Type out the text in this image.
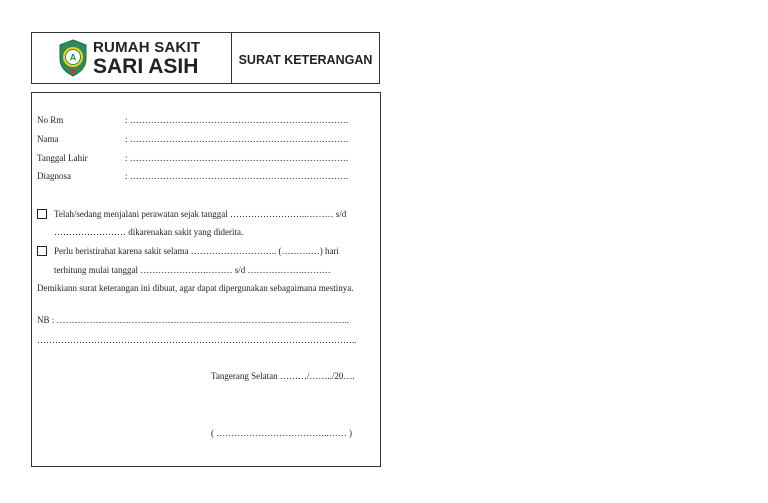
A
RUMAH SAKIT
SARI ASIH	SURAT KETERANGAN
No Rm	: ……………………………………………………………….
Nama	: ……………………………………………………………….
Tanggal Lahir	: ……………………………………………………………….
Diagnosa	: ……………………………………………………………….
Telah/sedang menjalani perawatan sejak tanggal ……………………..……… s/d
…………………… dikarenakan sakit yang diderita.
Perlu beristirahat karena sakit selama ……………………….. (……….…) hari
terhitung mulai tanggal ………………….……… s/d ……………….………
Demikiann surat keterangan ini dibuat, agar dapat dipergunakan sebagaimana mestinya.
NB : ……………………………………………………………………………………..
……………………………………………………………………………………………..
Tangerang Selatan ………/……../20….
( ………………………………..…… )
